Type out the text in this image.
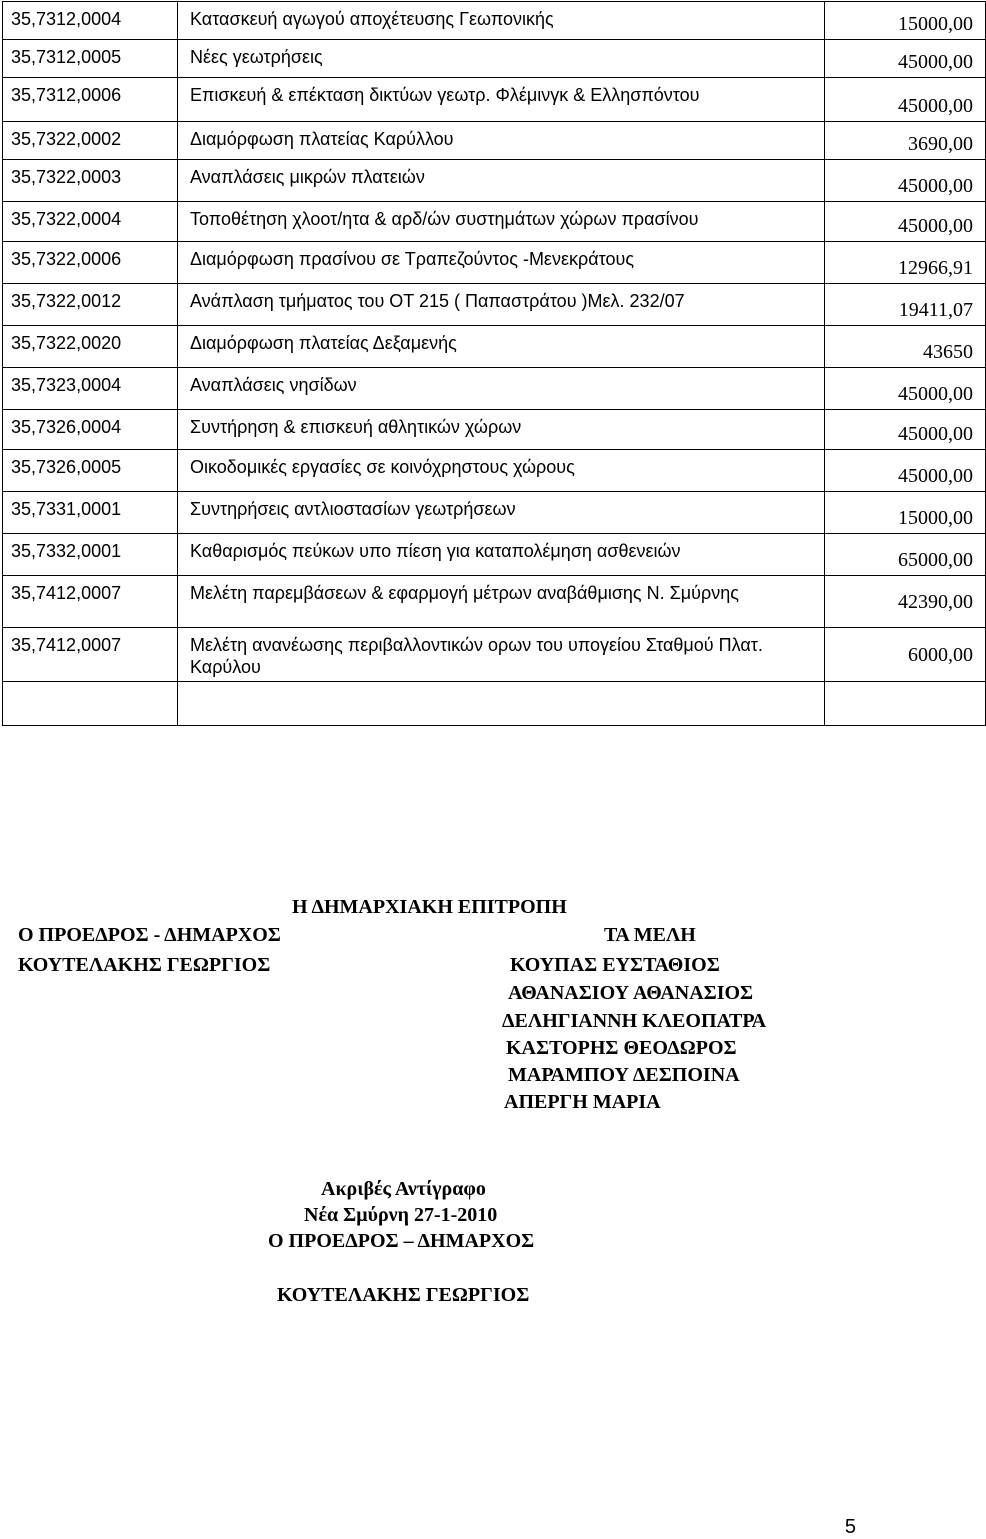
35,7312,0004	Κατασκευή αγωγού αποχέτευσης Γεωπονικής	15000,00
35,7312,0005	Νέες γεωτρήσεις	45000,00
35,7312,0006	Επισκευή & επέκταση δικτύων γεωτρ. Φλέμινγκ & Ελλησπόντου	45000,00
35,7322,0002	Διαμόρφωση πλατείας Καρύλλου	3690,00
35,7322,0003	Αναπλάσεις μικρών πλατειών	45000,00
35,7322,0004	Τοποθέτηση χλοοτ/ητα & αρδ/ών συστημάτων χώρων πρασίνου	45000,00
35,7322,0006	Διαμόρφωση πρασίνου σε Τραπεζούντος -Μενεκράτους	12966,91
35,7322,0012	Ανάπλαση τμήματος του ΟΤ 215 ( Παπαστράτου )Μελ. 232/07	19411,07
35,7322,0020	Διαμόρφωση πλατείας Δεξαμενής	43650
35,7323,0004	Αναπλάσεις νησίδων	45000,00
35,7326,0004	Συντήρηση & επισκευή αθλητικών χώρων	45000,00
35,7326,0005	Οικοδομικές εργασίες σε κοινόχρηστους χώρους	45000,00
35,7331,0001	Συντηρήσεις αντλιοστασίων γεωτρήσεων	15000,00
35,7332,0001	Καθαρισμός πεύκων υπο πίεση για καταπολέμηση ασθενειών	65000,00
35,7412,0007	Μελέτη παρεμβάσεων & εφαρμογή μέτρων αναβάθμισης Ν. Σμύρνης	42390,00
35,7412,0007	Μελέτη ανανέωσης περιβαλλοντικών ορων του υπογείου Σταθμού Πλατ. Καρύλου	6000,00

Η ΔΗΜΑΡΧΙΑΚΗ ΕΠΙΤΡΟΠΗ
Ο ΠΡΟΕΔΡΟΣ - ΔΗΜΑΡΧΟΣ	ΤΑ ΜΕΛΗ
ΚΟΥΤΕΛΑΚΗΣ ΓΕΩΡΓΙΟΣ	ΚΟΥΠΑΣ ΕΥΣΤΑΘΙΟΣ
ΑΘΑΝΑΣΙΟΥ ΑΘΑΝΑΣΙΟΣ
ΔΕΛΗΓΙΑΝΝΗ ΚΛΕΟΠΑΤΡΑ
ΚΑΣΤΟΡΗΣ ΘΕΟΔΩΡΟΣ
ΜΑΡΑΜΠΟΥ ΔΕΣΠΟΙΝΑ
ΑΠΕΡΓΗ ΜΑΡΙΑ
Ακριβές Αντίγραφο
Νέα Σμύρνη 27-1-2010
Ο ΠΡΟΕΔΡΟΣ – ΔΗΜΑΡΧΟΣ
ΚΟΥΤΕΛΑΚΗΣ ΓΕΩΡΓΙΟΣ
5
